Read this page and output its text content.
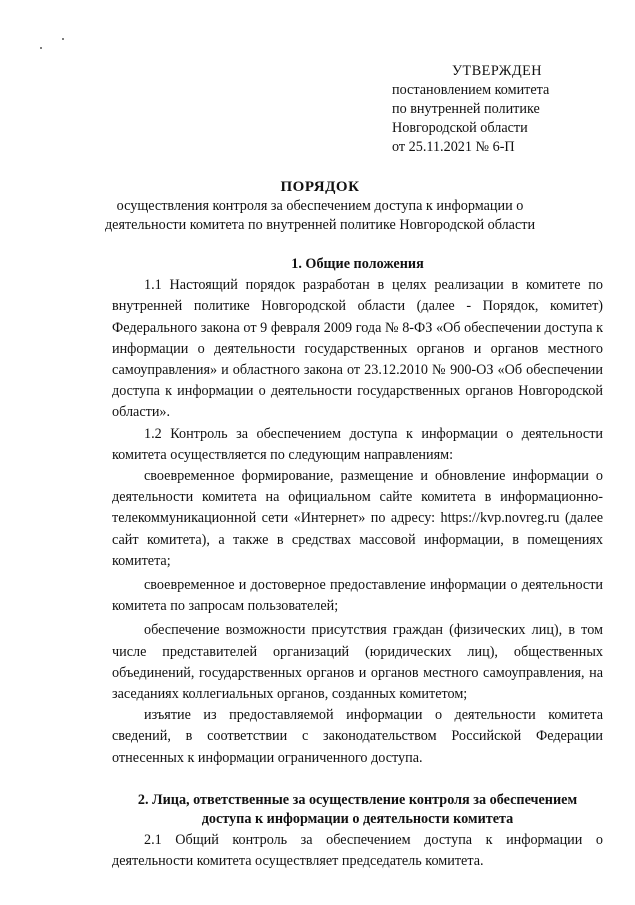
УТВЕРЖДЕН
постановлением комитета
по внутренней политике
Новгородской области
от 25.11.2021 № 6-П
ПОРЯДОК
осуществления контроля за обеспечением доступа к информации о деятельности комитета по внутренней политике Новгородской области

1. Общие положения

1.1 Настоящий порядок разработан в целях реализации в комитете по внутренней политике Новгородской области (далее - Порядок, комитет) Федерального закона от 9 февраля 2009 года № 8-ФЗ «Об обеспечении доступа к информации о деятельности государственных органов и органов местного самоуправления» и областного закона от 23.12.2010 № 900-ОЗ «Об обеспечении доступа к информации о деятельности государственных органов Новгородской области».

1.2 Контроль за обеспечением доступа к информации о деятельности комитета осуществляется по следующим направлениям:

своевременное формирование, размещение и обновление информации о деятельности комитета на официальном сайте комитета в информационно-телекоммуникационной сети «Интернет» по адресу: https://kvp.novreg.ru (далее сайт комитета), а также в средствах массовой информации, в помещениях комитета;

своевременное и достоверное предоставление информации о деятельности комитета по запросам пользователей;

обеспечение возможности присутствия граждан (физических лиц), в том числе представителей организаций (юридических лиц), общественных объединений, государственных органов и органов местного самоуправления, на заседаниях коллегиальных органов, созданных комитетом;

изъятие из предоставляемой информации о деятельности комитета сведений, в соответствии с законодательством Российской Федерации отнесенных к информации ограниченного доступа.

2. Лица, ответственные за осуществление контроля за обеспечением доступа к информации о деятельности комитета

2.1 Общий контроль за обеспечением доступа к информации о деятельности комитета осуществляет председатель комитета.
